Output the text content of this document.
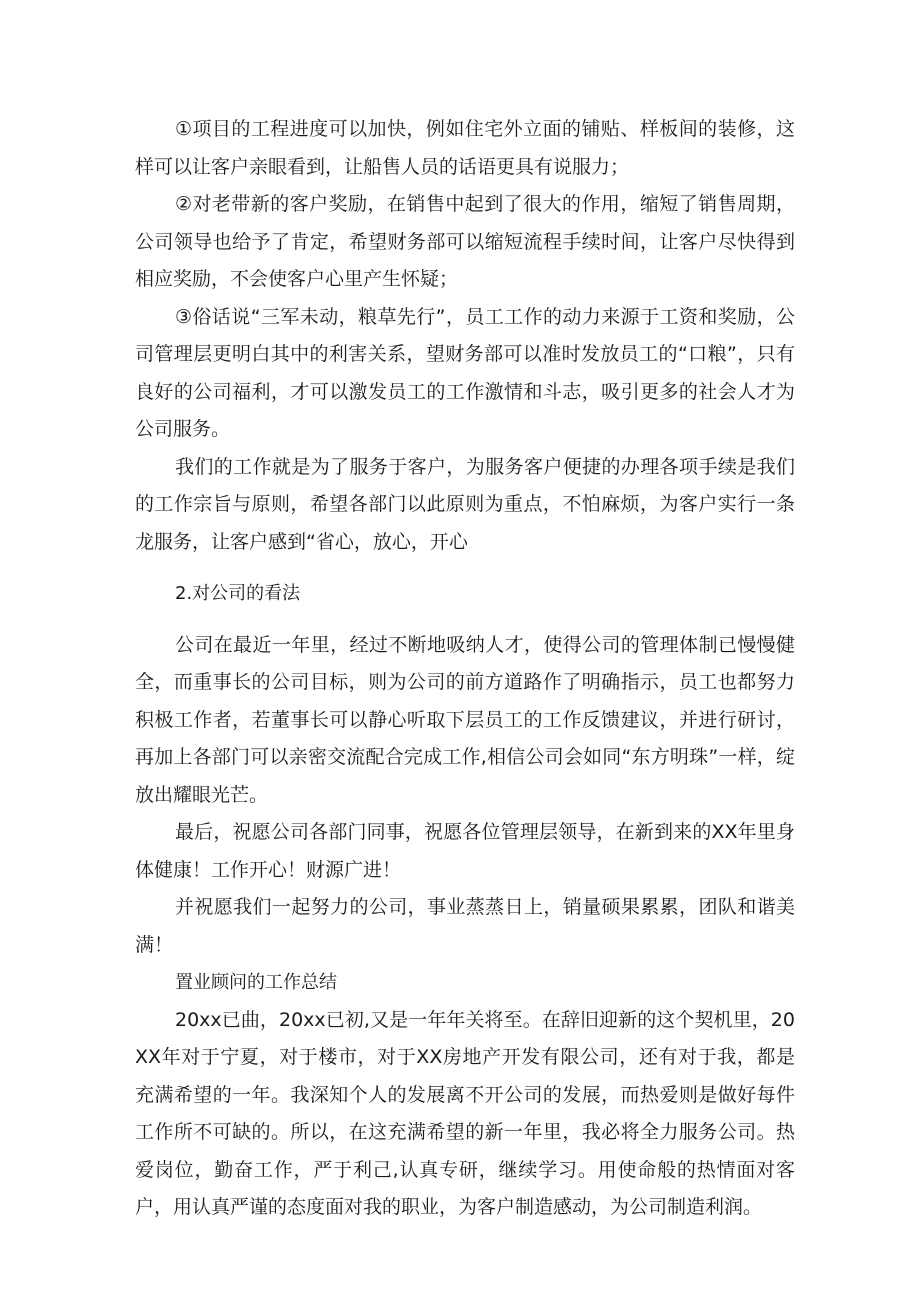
①项目的工程进度可以加快，例如住宅外立面的铺贴、样板间的装修，这样可以让客户亲眼看到，让船售人员的话语更具有说服力；

②对老带新的客户奖励，在销售中起到了很大的作用，缩短了销售周期，公司领导也给予了肯定，希望财务部可以缩短流程手续时间，让客户尽快得到相应奖励，不会使客户心里产生怀疑；

③俗话说“三军未动，粮草先行”，员工工作的动力来源于工资和奖励，公司管理层更明白其中的利害关系，望财务部可以准时发放员工的“口粮”，只有良好的公司福利，才可以激发员工的工作激情和斗志，吸引更多的社会人才为公司服务。

我们的工作就是为了服务于客户，为服务客户便捷的办理各项手续是我们的工作宗旨与原则，希望各部门以此原则为重点，不怕麻烦，为客户实行一条龙服务，让客户感到“省心，放心，开心

2.对公司的看法

公司在最近一年里，经过不断地吸纳人才，使得公司的管理体制已慢慢健全，而重事长的公司目标，则为公司的前方道路作了明确指示，员工也都努力积极工作者，若董事长可以静心听取下层员工的工作反馈建议，并进行研讨，再加上各部门可以亲密交流配合完成工作,相信公司会如同“东方明珠”一样，绽放出耀眼光芒。

最后，祝愿公司各部门同事，祝愿各位管理层领导，在新到来的XX年里身体健康！工作开心！财源广进！

并祝愿我们一起努力的公司，事业蒸蒸日上，销量硕果累累，团队和谐美满！

置业顾问的工作总结

20xx已曲，20xx已初,又是一年年关将至。在辞旧迎新的这个契机里，20XX年对于宁夏，对于楼市，对于XX房地产开发有限公司，还有对于我，都是充满希望的一年。我深知个人的发展离不开公司的发展，而热爱则是做好每件工作所不可缺的。所以，在这充满希望的新一年里，我必将全力服务公司。热爱岗位，勤奋工作，严于利己,认真专研，继续学习。用使命般的热情面对客户，用认真严谨的态度面对我的职业，为客户制造感动，为公司制造利润。
